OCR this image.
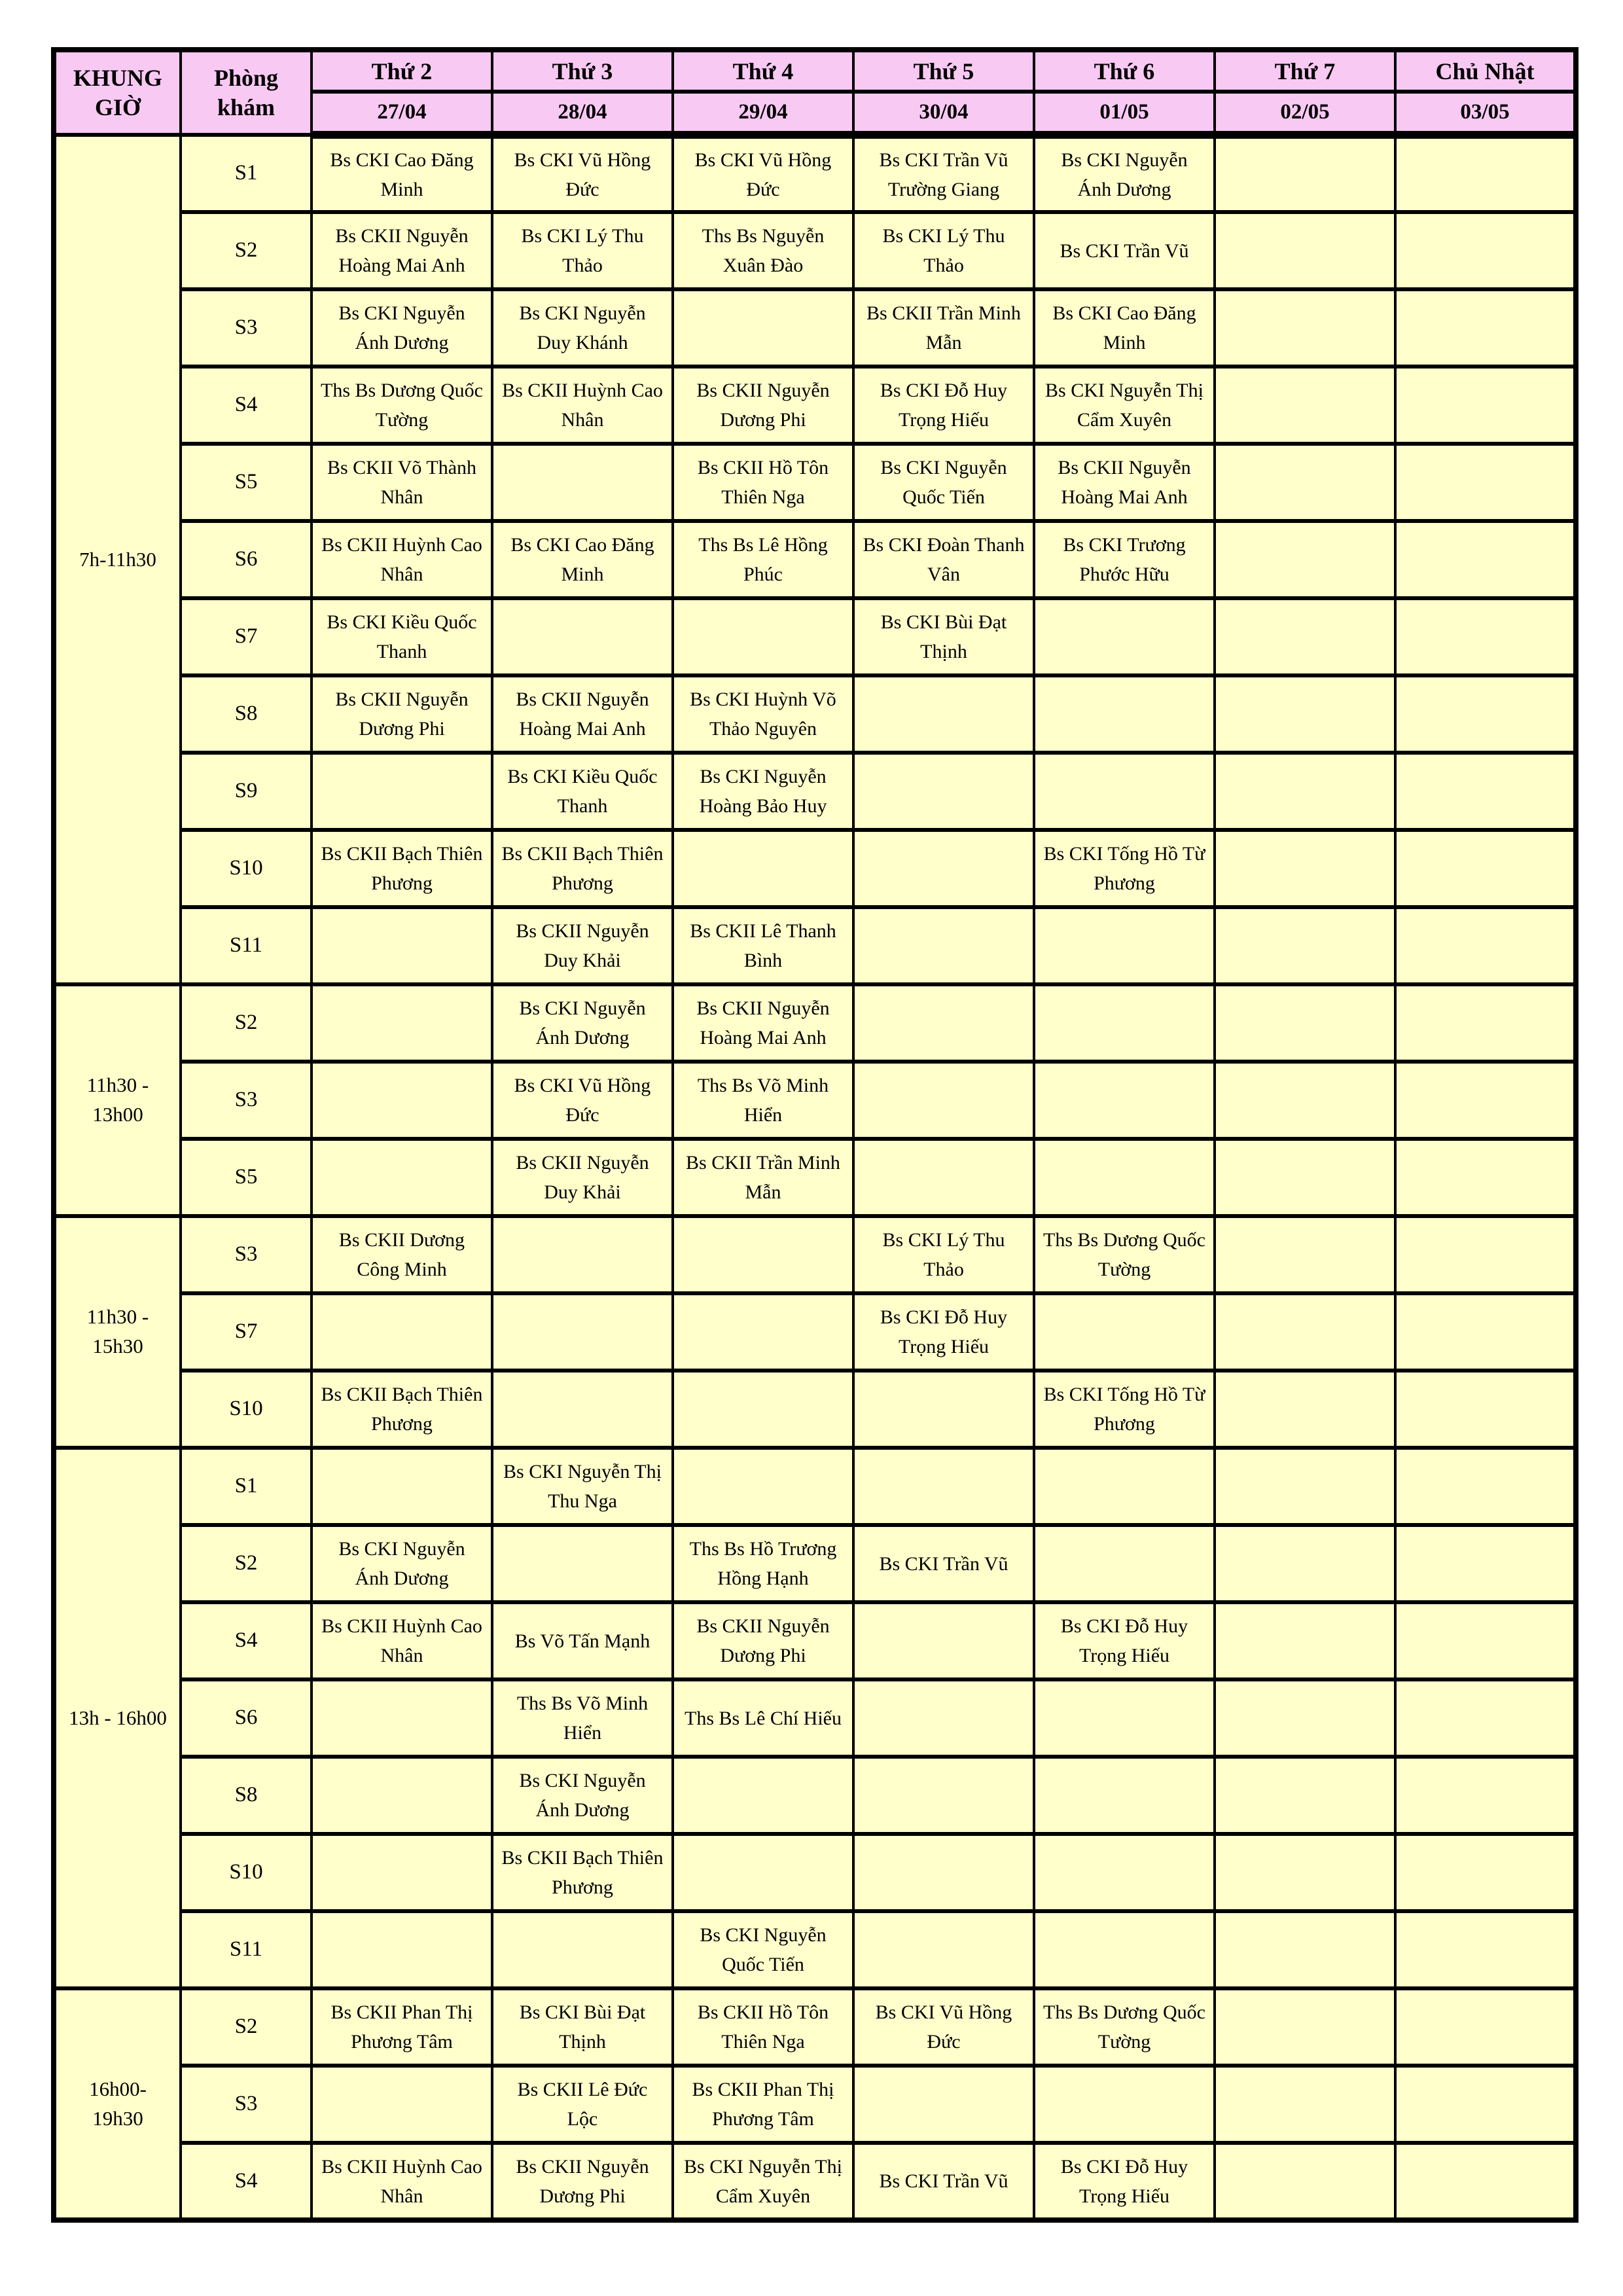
KHUNG GIỜ	Phòng khám	Thứ 2	Thứ 3	Thứ 4	Thứ 5	Thứ 6	Thứ 7	Chủ Nhật
		27/04	28/04	29/04	30/04	01/05	02/05	03/05
7h-11h30	S1	Bs CKI Cao Đăng Minh	Bs CKI Vũ Hồng Đức	Bs CKI Vũ Hồng Đức	Bs CKI Trần Vũ Trường Giang	Bs CKI Nguyễn Ánh Dương		
	S2	Bs CKII Nguyễn Hoàng Mai Anh	Bs CKI Lý Thu Thảo	Ths Bs Nguyễn Xuân Đào	Bs CKI Lý Thu Thảo	Bs CKI Trần Vũ		
	S3	Bs CKI Nguyễn Ánh Dương	Bs CKI Nguyễn Duy Khánh		Bs CKII Trần Minh Mẫn	Bs CKI Cao Đăng Minh		
	S4	Ths Bs Dương Quốc Tường	Bs CKII Huỳnh Cao Nhân	Bs CKII Nguyễn Dương Phi	Bs CKI Đỗ Huy Trọng Hiếu	Bs CKI Nguyễn Thị Cẩm Xuyên		
	S5	Bs CKII Võ Thành Nhân		Bs CKII Hồ Tôn Thiên Nga	Bs CKI Nguyễn Quốc Tiến	Bs CKII Nguyễn Hoàng Mai Anh		
	S6	Bs CKII Huỳnh Cao Nhân	Bs CKI Cao Đăng Minh	Ths Bs Lê Hồng Phúc	Bs CKI Đoàn Thanh Vân	Bs CKI Trương Phước Hữu		
	S7	Bs CKI Kiều Quốc Thanh			Bs CKI Bùi Đạt Thịnh			
	S8	Bs CKII Nguyễn Dương Phi	Bs CKII Nguyễn Hoàng Mai Anh	Bs CKI Huỳnh Võ Thảo Nguyên				
	S9		Bs CKI Kiều Quốc Thanh	Bs CKI Nguyễn Hoàng Bảo Huy				
	S10	Bs CKII Bạch Thiên Phương	Bs CKII Bạch Thiên Phương			Bs CKI Tống Hồ Từ Phương		
	S11		Bs CKII Nguyễn Duy Khải	Bs CKII Lê Thanh Bình				
11h30 - 13h00	S2		Bs CKI Nguyễn Ánh Dương	Bs CKII Nguyễn Hoàng Mai Anh				
	S3		Bs CKI Vũ Hồng Đức	Ths Bs Võ Minh Hiển				
	S5		Bs CKII Nguyễn Duy Khải	Bs CKII Trần Minh Mẫn				
11h30 - 15h30	S3	Bs CKII Dương Công Minh			Bs CKI Lý Thu Thảo	Ths Bs Dương Quốc Tường		
	S7				Bs CKI Đỗ Huy Trọng Hiếu			
	S10	Bs CKII Bạch Thiên Phương				Bs CKI Tống Hồ Từ Phương		
13h - 16h00	S1		Bs CKI Nguyễn Thị Thu Nga					
	S2	Bs CKI Nguyễn Ánh Dương		Ths Bs Hồ Trương Hồng Hạnh	Bs CKI Trần Vũ			
	S4	Bs CKII Huỳnh Cao Nhân	Bs Võ Tấn Mạnh	Bs CKII Nguyễn Dương Phi		Bs CKI Đỗ Huy Trọng Hiếu		
	S6		Ths Bs Võ Minh Hiển	Ths Bs Lê Chí Hiếu				
	S8		Bs CKI Nguyễn Ánh Dương					
	S10		Bs CKII Bạch Thiên Phương					
	S11			Bs CKI Nguyễn Quốc Tiến				
16h00- 19h30	S2	Bs CKII Phan Thị Phương Tâm	Bs CKI Bùi Đạt Thịnh	Bs CKII Hồ Tôn Thiên Nga	Bs CKI Vũ Hồng Đức	Ths Bs Dương Quốc Tường		
	S3		Bs CKII Lê Đức Lộc	Bs CKII Phan Thị Phương Tâm				
	S4	Bs CKII Huỳnh Cao Nhân	Bs CKII Nguyễn Dương Phi	Bs CKI Nguyễn Thị Cẩm Xuyên	Bs CKI Trần Vũ	Bs CKI Đỗ Huy Trọng Hiếu		
